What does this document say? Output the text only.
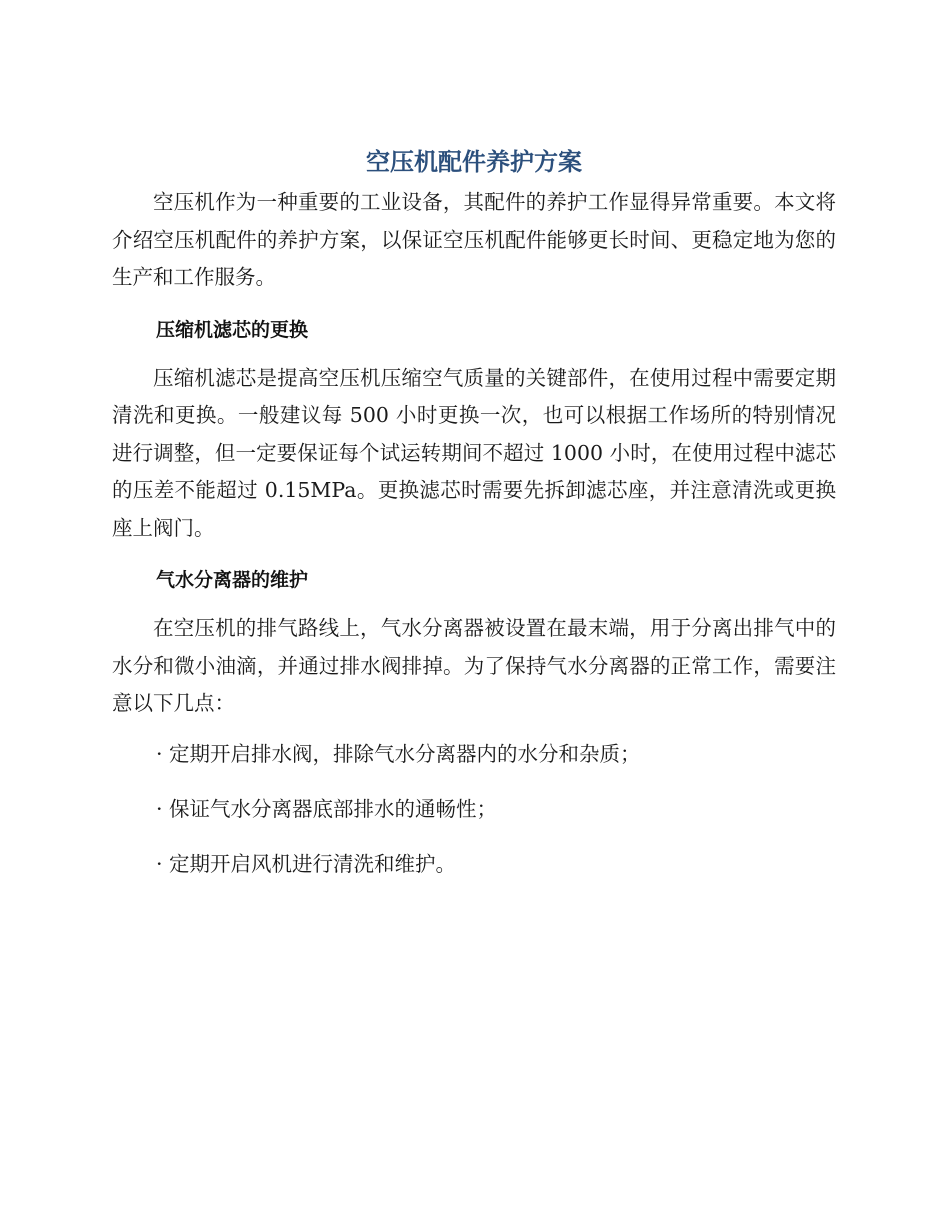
空压机配件养护方案

空压机作为一种重要的工业设备，其配件的养护工作显得异常重要。本文将介绍空压机配件的养护方案，以保证空压机配件能够更长时间、更稳定地为您的生产和工作服务。

压缩机滤芯的更换

压缩机滤芯是提高空压机压缩空气质量的关键部件，在使用过程中需要定期清洗和更换。一般建议每 500 小时更换一次，也可以根据工作场所的特别情况进行调整，但一定要保证每个试运转期间不超过 1000 小时，在使用过程中滤芯的压差不能超过 0.15MPa。更换滤芯时需要先拆卸滤芯座，并注意清洗或更换座上阀门。

气水分离器的维护

在空压机的排气路线上，气水分离器被设置在最末端，用于分离出排气中的水分和微小油滴，并通过排水阀排掉。为了保持气水分离器的正常工作，需要注意以下几点：

· 定期开启排水阀，排除气水分离器内的水分和杂质；
· 保证气水分离器底部排水的通畅性；
· 定期开启风机进行清洗和维护。
